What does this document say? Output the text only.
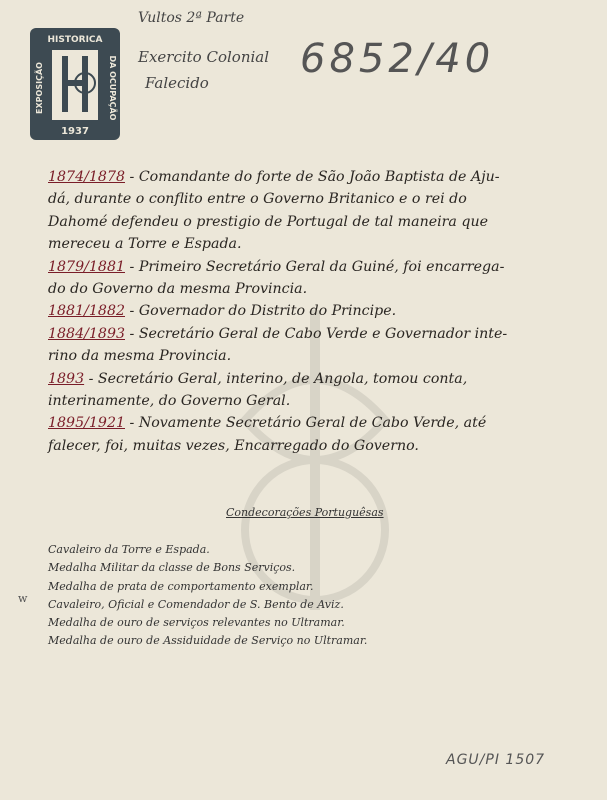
HISTORICA
EXPOSIÇÃO	DA OCUPAÇÃO
1937
Vultos 2ª Parte
Exercito Colonial
Falecido
6852/40
1874/1878 - Comandante do forte de São João Baptista de Aju-
dá, durante o conflito entre o Governo Britanico e o rei do
Dahomé defendeu o prestigio de Portugal de tal maneira que
mereceu a Torre e Espada.
1879/1881 - Primeiro Secretário Geral da Guiné, foi encarrega-
do do Governo da mesma Provincia.
1881/1882 - Governador do Distrito do Principe.
1884/1893 - Secretário Geral de Cabo Verde e Governador inte-
rino da mesma Provincia.
1893 - Secretário Geral, interino, de Angola, tomou conta,
interinamente, do Governo Geral.
1895/1921 - Novamente Secretário Geral de Cabo Verde, até
falecer, foi, muitas vezes, Encarregado do Governo.
Condecorações Portuguêsas
Cavaleiro da Torre e Espada.
Medalha Militar da classe de Bons Serviços.
Medalha de prata de comportamento exemplar.
Cavaleiro, Oficial e Comendador de S. Bento de Aviz.
Medalha de ouro de serviços relevantes no Ultramar.
Medalha de ouro de Assiduidade de Serviço no Ultramar.
w
AGU/PI 1507
